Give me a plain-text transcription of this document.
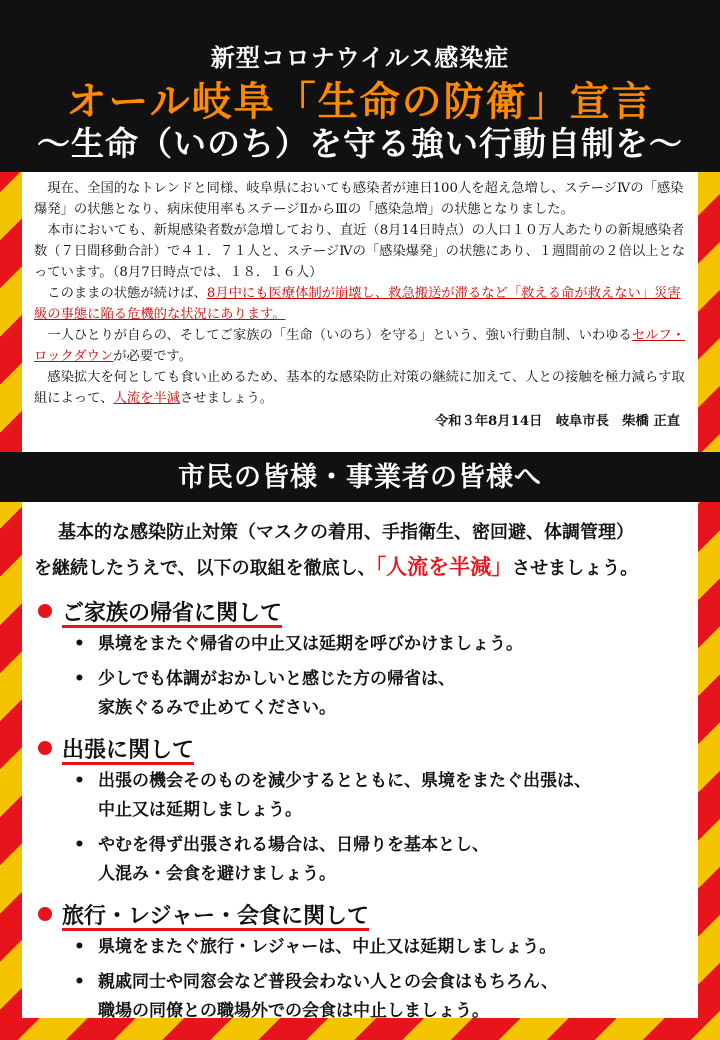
新型コロナウイルス感染症
オール岐阜「生命の防衛」宣言
～生命（いのち）を守る強い行動自制を～

現在、全国的なトレンドと同様、岐阜県においても感染者が連日100人を超え急増し、ステージⅣの「感染爆発」の状態となり、病床使用率もステージⅡからⅢの「感染急増」の状態となりました。

本市においても、新規感染者数が急増しており、直近（8月14日時点）の人口１０万人あたりの新規感染者数（７日間移動合計）で４１．７１人と、ステージⅣの「感染爆発」の状態にあり、１週間前の２倍以上となっています。（8月7日時点では、１８．１６人）

このままの状態が続けば、8月中にも医療体制が崩壊し、救急搬送が滞るなど「救える命が救えない」災害級の事態に陥る危機的な状況にあります。

一人ひとりが自らの、そしてご家族の「生命（いのち）を守る」という、強い行動自制、いわゆるセルフ・ロックダウンが必要です。

感染拡大を何としても食い止めるため、基本的な感染防止対策の継続に加えて、人との接触を極力減らす取組によって、人流を半減させましょう。

令和３年8月14日　岐阜市長　柴橋 正直
市民の皆様・事業者の皆様へ
基本的な感染防止対策（マスクの着用、手指衛生、密回避、体調管理）
を継続したうえで、以下の取組を徹底し、「人流を半減」させましょう。
ご家族の帰省に関して
• 県境をまたぐ帰省の中止又は延期を呼びかけましょう。
• 少しでも体調がおかしいと感じた方の帰省は、
家族ぐるみで止めてください。
出張に関して
• 出張の機会そのものを減少するとともに、県境をまたぐ出張は、
中止又は延期しましょう。
• やむを得ず出張される場合は、日帰りを基本とし、
人混み・会食を避けましょう。
旅行・レジャー・会食に関して
• 県境をまたぐ旅行・レジャーは、中止又は延期しましょう。
• 親戚同士や同窓会など普段会わない人との会食はもちろん、
職場の同僚との職場外での会食は中止しましょう。
